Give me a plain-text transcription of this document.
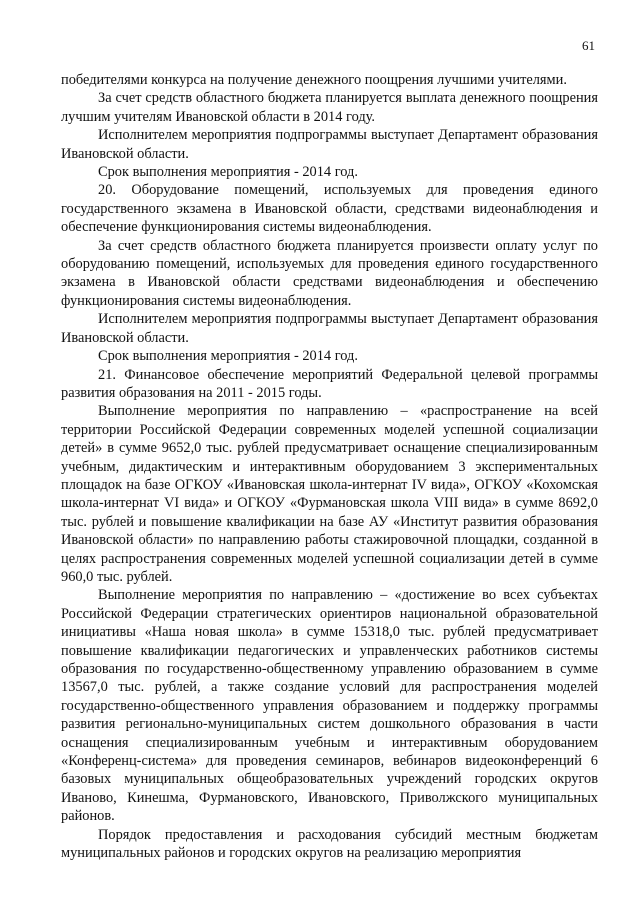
61

победителями конкурса на получение денежного поощрения лучшими учителями.

За счет средств областного бюджета планируется выплата денежного поощрения лучшим учителям Ивановской области в 2014 году.

Исполнителем мероприятия подпрограммы выступает Департамент образования Ивановской области.

Срок выполнения мероприятия - 2014 год.

20. Оборудование помещений, используемых для проведения единого государственного экзамена в Ивановской области, средствами видеонаблюдения и обеспечение функционирования системы видеонаблюдения.

За счет средств областного бюджета планируется произвести оплату услуг по оборудованию помещений, используемых для проведения единого государственного экзамена в Ивановской области средствами видеонаблюдения и обеспечению функционирования системы видеонаблюдения.

Исполнителем мероприятия подпрограммы выступает Департамент образования Ивановской области.

Срок выполнения мероприятия - 2014 год.

21. Финансовое обеспечение мероприятий Федеральной целевой программы развития образования на 2011 - 2015 годы.

Выполнение мероприятия по направлению – «распространение на всей территории Российской Федерации современных моделей успешной социализации детей» в сумме 9652,0 тыс. рублей предусматривает оснащение специализированным учебным, дидактическим и интерактивным оборудованием 3 экспериментальных площадок на базе ОГКОУ «Ивановская школа-интернат IV вида», ОГКОУ «Кохомская школа-интернат VI вида» и ОГКОУ «Фурмановская школа VIII вида» в сумме 8692,0 тыс. рублей и повышение квалификации на базе АУ «Институт развития образования Ивановской области» по направлению работы стажировочной площадки, созданной в целях распространения современных моделей успешной социализации детей в сумме 960,0 тыс. рублей.

Выполнение мероприятия по направлению – «достижение во всех субъектах Российской Федерации стратегических ориентиров национальной образовательной инициативы «Наша новая школа» в сумме 15318,0 тыс. рублей предусматривает повышение квалификации педагогических и управленческих работников системы образования по государственно-общественному управлению образованием в сумме 13567,0 тыс. рублей, а также создание условий для распространения моделей государственно-общественного управления образованием и поддержку программы развития регионально-муниципальных систем дошкольного образования в части оснащения специализированным учебным и интерактивным оборудованием «Конференц-система» для проведения семинаров, вебинаров видеоконференций 6 базовых муниципальных общеобразовательных учреждений городских округов Иваново, Кинешма, Фурмановского, Ивановского, Приволжского муниципальных районов.

Порядок предоставления и расходования субсидий местным бюджетам муниципальных районов и городских округов на реализацию мероприятия
